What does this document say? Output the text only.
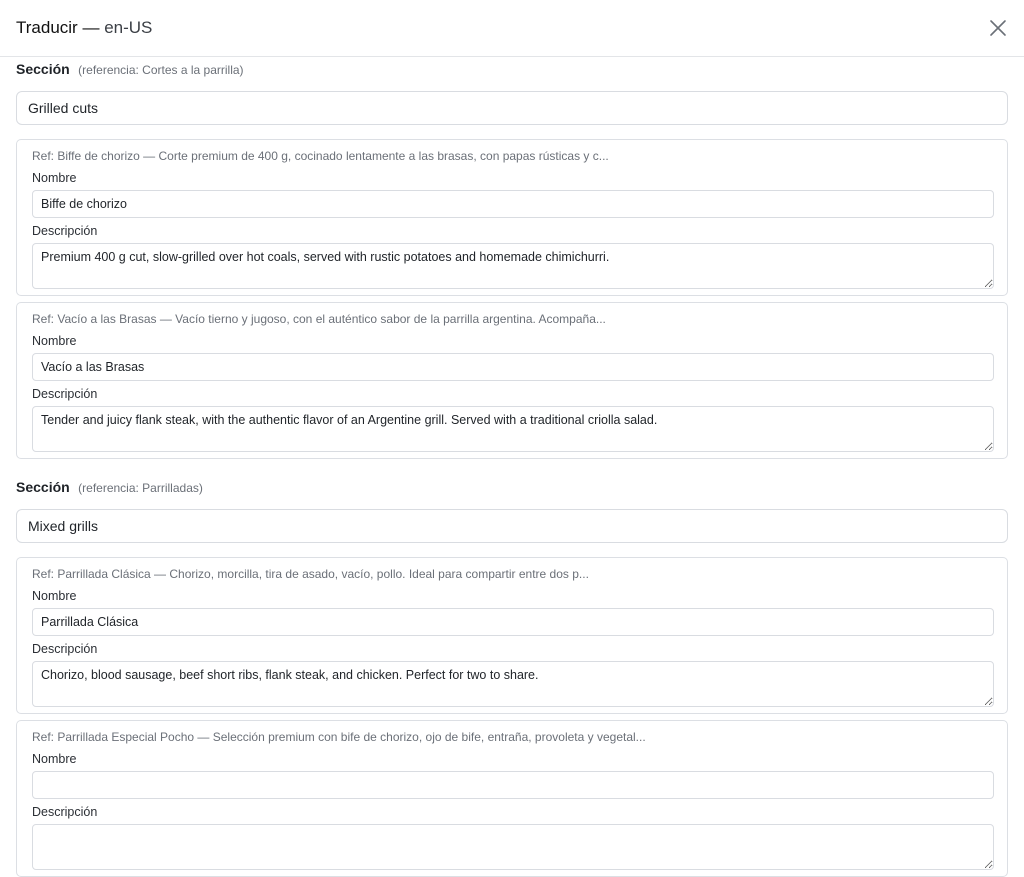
Traducir — en-US
Sección (referencia: Cortes a la parrilla)
Grilled cuts
Ref: Biffe de chorizo — Corte premium de 400 g, cocinado lentamente a las brasas, con papas rústicas y c...
Nombre
Biffe de chorizo
Descripción
Premium 400 g cut, slow-grilled over hot coals, served with rustic potatoes and homemade chimichurri.
Ref: Vacío a las Brasas — Vacío tierno y jugoso, con el auténtico sabor de la parrilla argentina. Acompaña...
Nombre
Vacío a las Brasas
Descripción
Tender and juicy flank steak, with the authentic flavor of an Argentine grill. Served with a traditional criolla salad.
Sección (referencia: Parrilladas)
Mixed grills
Ref: Parrillada Clásica — Chorizo, morcilla, tira de asado, vacío, pollo. Ideal para compartir entre dos p...
Nombre
Parrillada Clásica
Descripción
Chorizo, blood sausage, beef short ribs, flank steak, and chicken. Perfect for two to share.
Ref: Parrillada Especial Pocho — Selección premium con bife de chorizo, ojo de bife, entraña, provoleta y vegetal...
Nombre
Descripción
